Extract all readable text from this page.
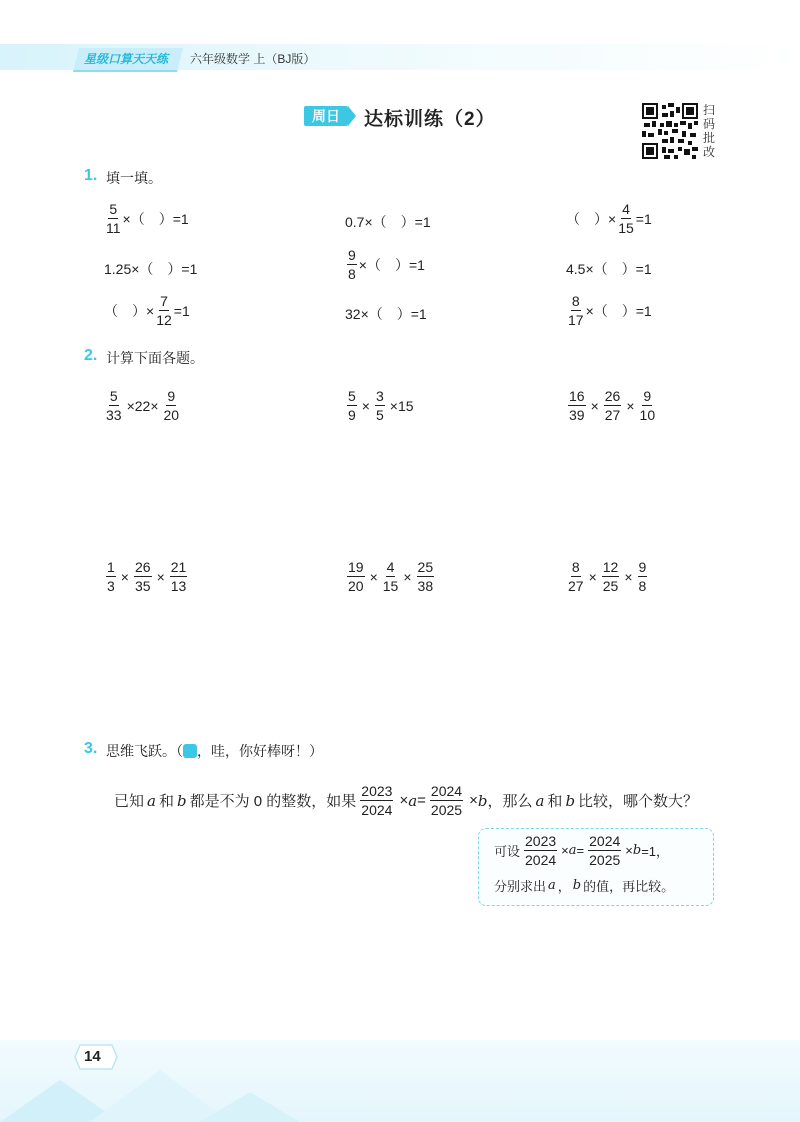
星级口算天天练 六年级数学 上（BJ版）
周日	达标训练（2）	扫
码
批
改
1. 填一填。
$\frac{5}{11}$ ×（　）=1	0.7×（　）=1	（　）× $\frac{4}{15} =1$
1.25×（　）=1	$\frac{9}{8}$ ×（　）=1	4.5×（　）=1
（　）× $\frac{7}{12} =1$	32×（　）=1	$\frac{8}{17}$ ×（　）=1
2. 计算下面各题。
$\frac{5}{33} \times 22\times \frac{9}{20}$	$\frac{5}{9} \times \frac{3}{5} \times 15$	$\frac{16}{39} \times \frac{26}{27} \times \frac{9}{10}$
$\frac{1}{3} \times \frac{26}{35} \times \frac{21}{13}$	$\frac{19}{20} \times \frac{4}{15} \times \frac{25}{38}$	$\frac{8}{27} \times \frac{12}{25} \times \frac{9}{8}$
3. 思维飞跃。（ ，哇，你好棒呀！）
已知 a 和 b 都是不为 0 的整数，如果 $\frac{2023}{2024} \times a = \frac{2024}{2025} \times b$ ，那么 a 和 b 比较，哪个数大？
可设 $\frac{2023}{2024} \times a = \frac{2024}{2025} \times b =1$，
分别求出 a ， b 的值，再比较。
14
